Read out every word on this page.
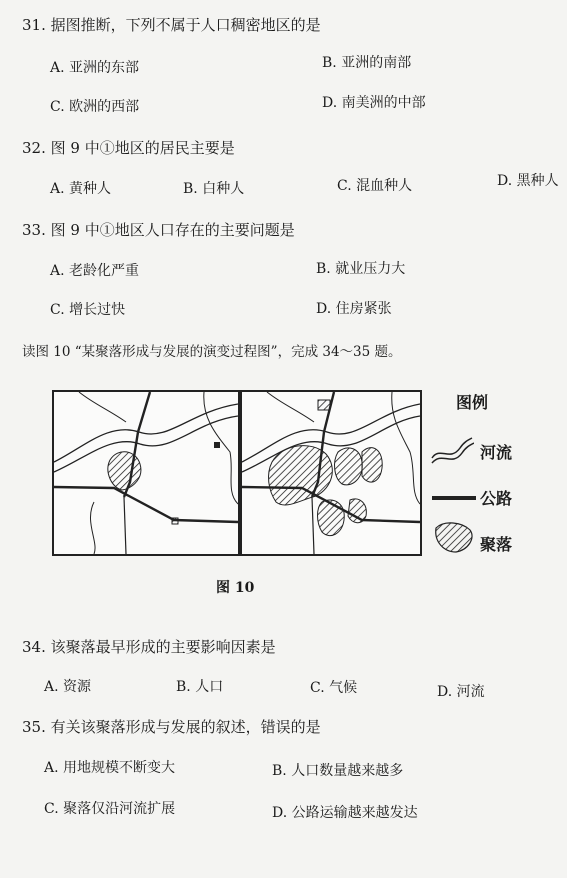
31. 据图推断，下列不属于人口稠密地区的是
A. 亚洲的东部	B. 亚洲的南部
C. 欧洲的西部	D. 南美洲的中部
32. 图 9 中①地区的居民主要是
A. 黄种人	B. 白种人	C. 混血种人	D. 黑种人
33. 图 9 中①地区人口存在的主要问题是
A. 老龄化严重	B. 就业压力大
C. 增长过快	D. 住房紧张
读图 10 “某聚落形成与发展的演变过程图”，完成 34～35 题。
图例
河流
公路
聚落
图 10
34. 该聚落最早形成的主要影响因素是
A. 资源	B. 人口	C. 气候	D. 河流
35. 有关该聚落形成与发展的叙述，错误的是
A. 用地规模不断变大	B. 人口数量越来越多
C. 聚落仅沿河流扩展	D. 公路运输越来越发达
